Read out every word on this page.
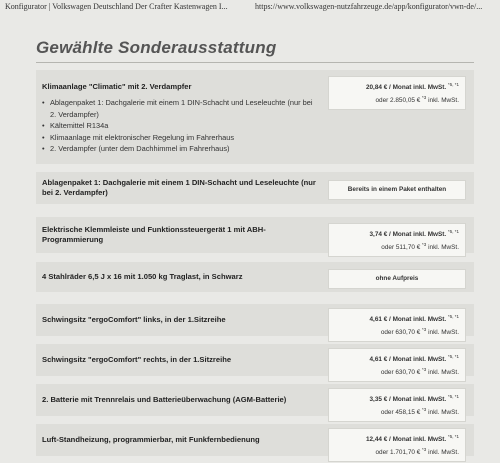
Konfigurator | Volkswagen Deutschland Der Crafter Kastenwagen I...	https://www.volkswagen-nutzfahrzeuge.de/app/konfigurator/vwn-de/...
Gewählte Sonderausstattung
Klimaanlage "Climatic" mit 2. Verdampfer
• Ablagenpaket 1: Dachgalerie mit einem 1 DIN-Schacht und Leseleuchte (nur bei 2. Verdampfer)
• Kältemittel R134a
• Klimaanlage mit elektronischer Regelung im Fahrerhaus
• 2. Verdampfer (unter dem Dachhimmel im Fahrerhaus)
20,84 € / Monat inkl. MwSt. $^{*5, *1}$
oder 2.850,05 € $^{*3}$ inkl. MwSt.
Ablagenpaket 1: Dachgalerie mit einem 1 DIN-Schacht und Leseleuchte (nur bei 2. Verdampfer)	Bereits in einem Paket enthalten
Elektrische Klemmleiste und Funktionssteuergerät 1 mit ABH-Programmierung
3,74 € / Monat inkl. MwSt. $^{*5, *1}$
oder 511,70 € $^{*3}$ inkl. MwSt.
4 Stahlräder 6,5 J x 16 mit 1.050 kg Traglast, in Schwarz	ohne Aufpreis
Schwingsitz "ergoComfort" links, in der 1.Sitzreihe	4,61 € / Monat inkl. MwSt. $^{*5, *1}$
oder 630,70 € $^{*3}$ inkl. MwSt.
Schwingsitz "ergoComfort" rechts, in der 1.Sitzreihe	4,61 € / Monat inkl. MwSt. $^{*5, *1}$
oder 630,70 € $^{*3}$ inkl. MwSt.
2. Batterie mit Trennrelais und Batterieüberwachung (AGM-Batterie)	3,35 € / Monat inkl. MwSt. $^{*5, *1}$
oder 458,15 € $^{*3}$ inkl. MwSt.
Luft-Standheizung, programmierbar, mit Funkfernbedienung	12,44 € / Monat inkl. MwSt. $^{*5, *1}$
oder 1.701,70 € $^{*3}$ inkl. MwSt.
